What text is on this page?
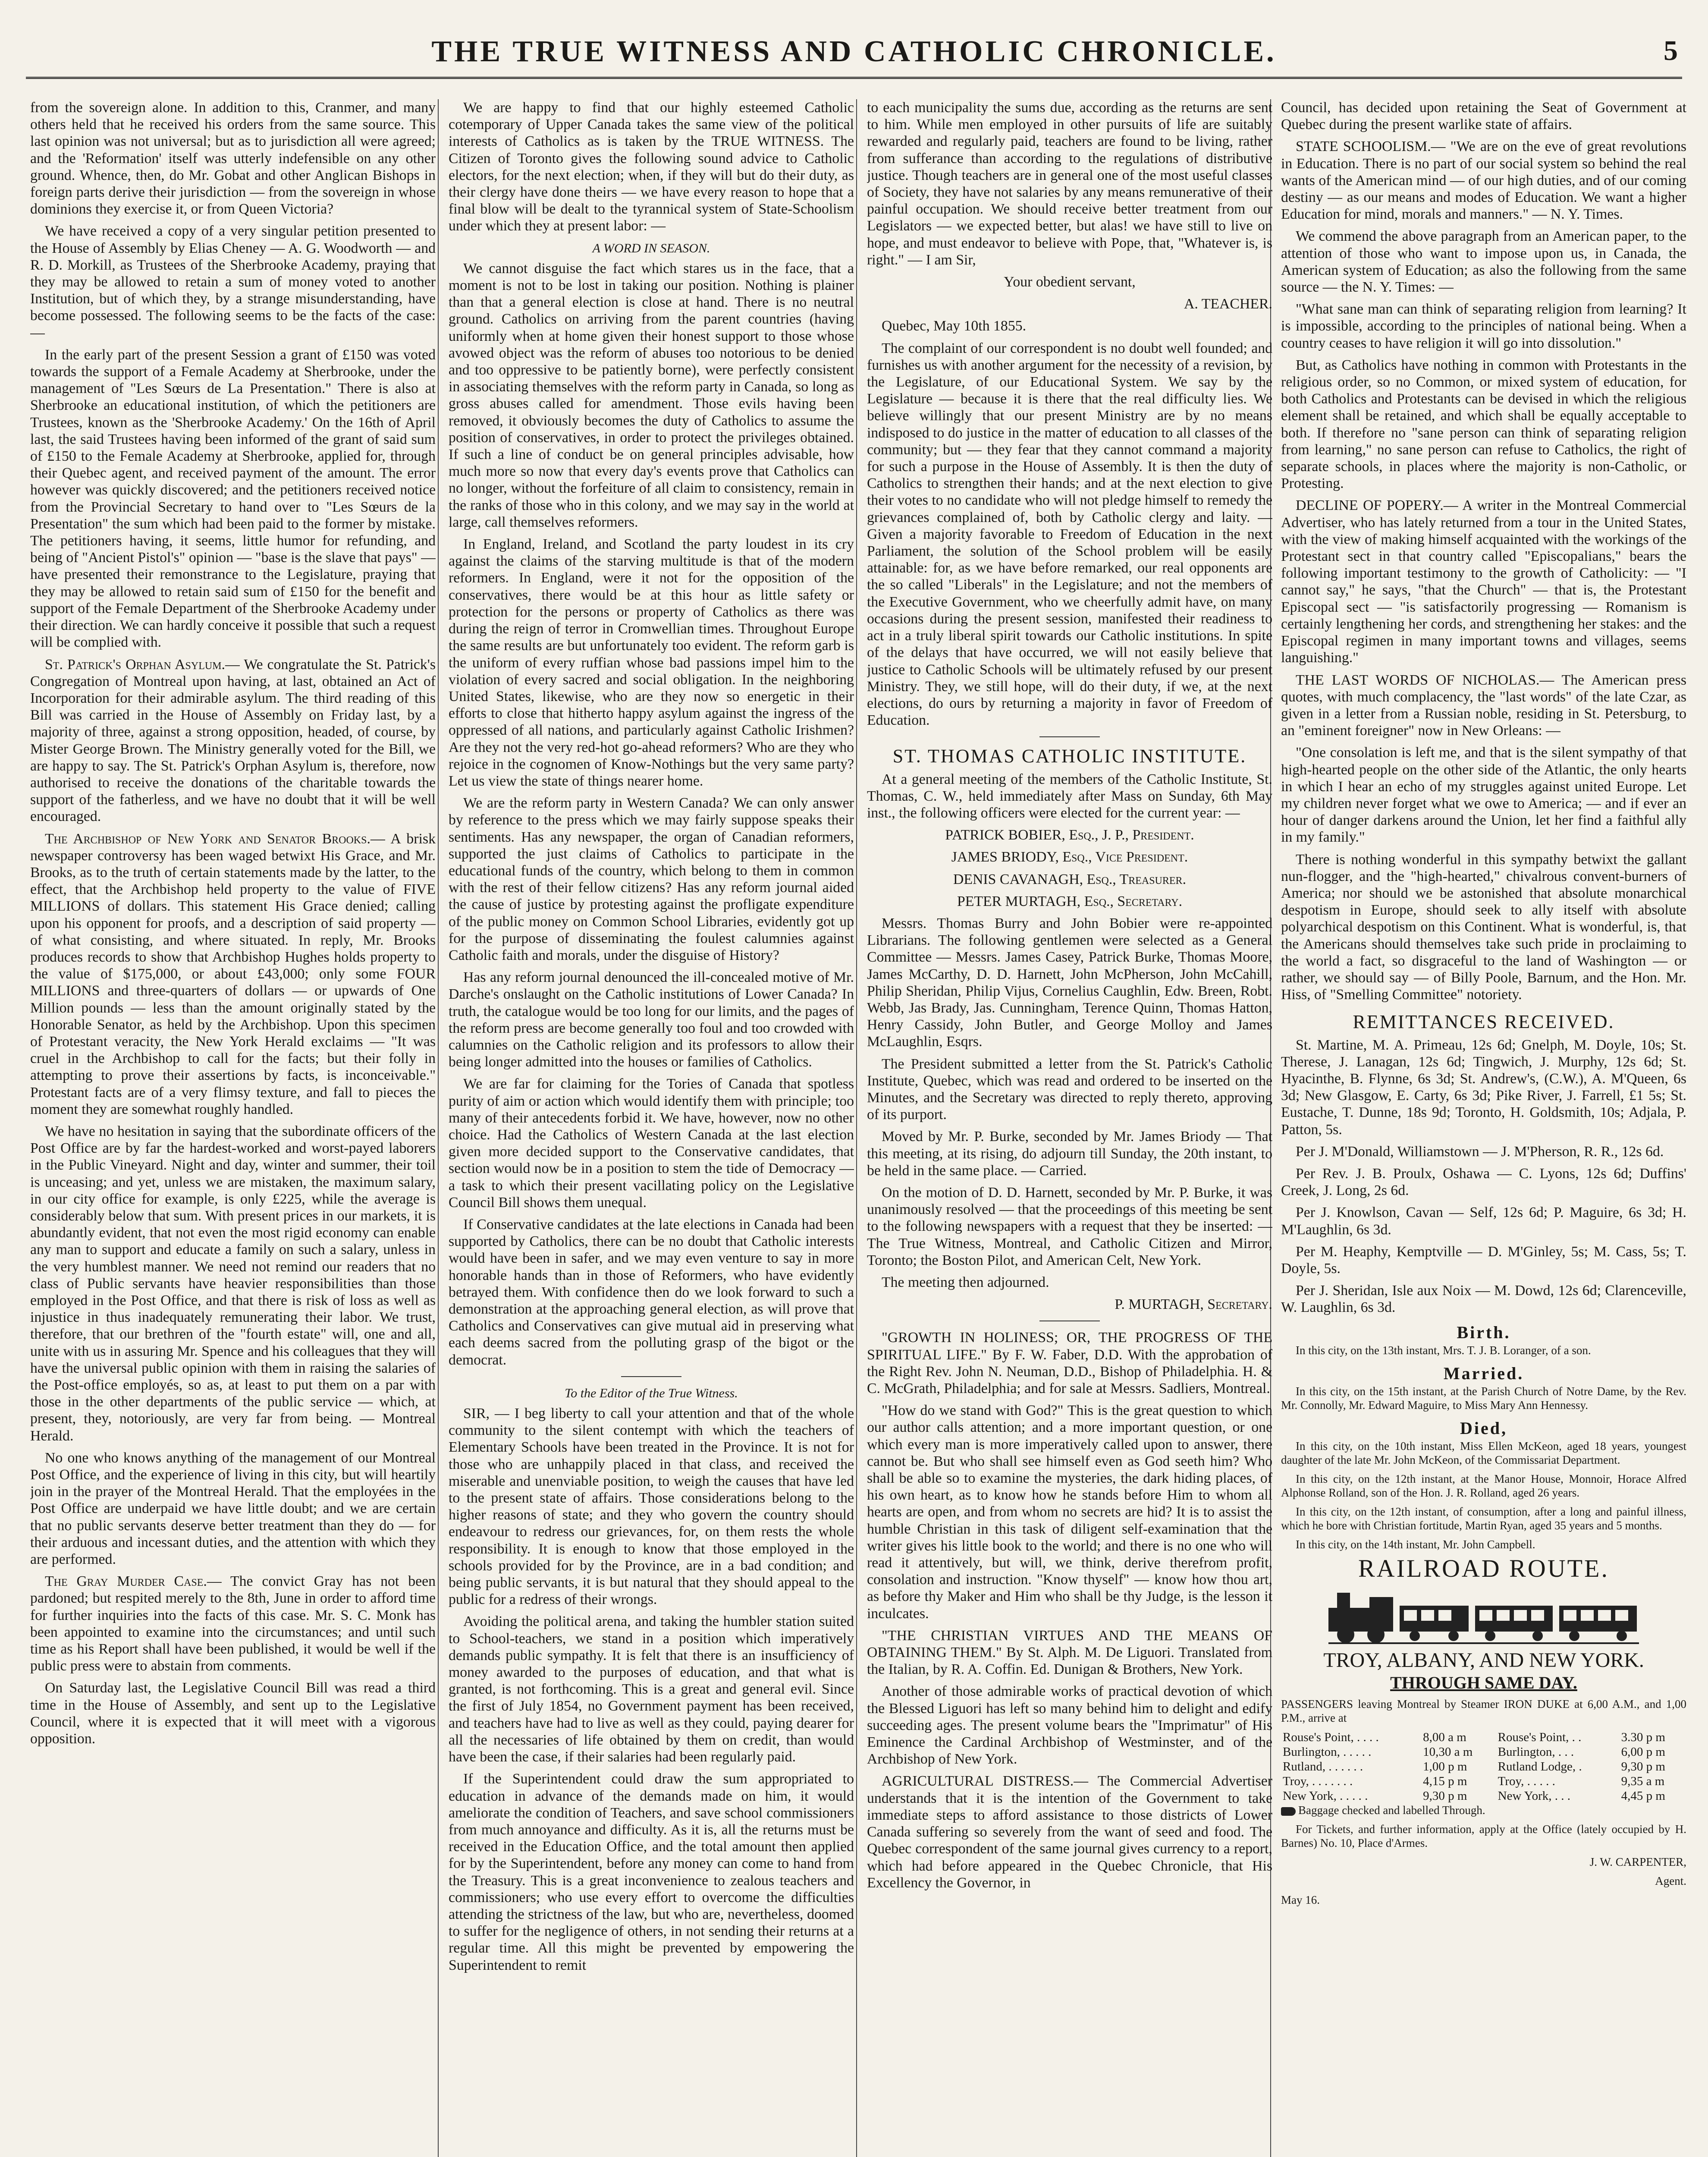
THE TRUE WITNESS AND CATHOLIC CHRONICLE.	5

from the sovereign alone. In addition to this, Cranmer, and many others held that he received his orders from the same source. This last opinion was not universal; but as to jurisdiction all were agreed; and the 'Reformation' itself was utterly indefensible on any other ground. Whence, then, do Mr. Gobat and other Anglican Bishops in foreign parts derive their jurisdiction — from the sovereign in whose dominions they exercise it, or from Queen Victoria?

We have received a copy of a very singular petition presented to the House of Assembly by Elias Cheney — A. G. Woodworth — and R. D. Morkill, as Trustees of the Sherbrooke Academy, praying that they may be allowed to retain a sum of money voted to another Institution, but of which they, by a strange misunderstanding, have become possessed. The following seems to be the facts of the case: —

In the early part of the present Session a grant of £150 was voted towards the support of a Female Academy at Sherbrooke, under the management of "Les Sœurs de La Presentation." There is also at Sherbrooke an educational institution, of which the petitioners are Trustees, known as the 'Sherbrooke Academy.' On the 16th of April last, the said Trustees having been informed of the grant of said sum of £150 to the Female Academy at Sherbrooke, applied for, through their Quebec agent, and received payment of the amount. The error however was quickly discovered; and the petitioners received notice from the Provincial Secretary to hand over to "Les Sœurs de la Presentation" the sum which had been paid to the former by mistake. The petitioners having, it seems, little humor for refunding, and being of "Ancient Pistol's" opinion — "base is the slave that pays" — have presented their remonstrance to the Legislature, praying that they may be allowed to retain said sum of £150 for the benefit and support of the Female Department of the Sherbrooke Academy under their direction. We can hardly conceive it possible that such a request will be complied with.

St. Patrick's Orphan Asylum.— We congratulate the St. Patrick's Congregation of Montreal upon having, at last, obtained an Act of Incorporation for their admirable asylum. The third reading of this Bill was carried in the House of Assembly on Friday last, by a majority of three, against a strong opposition, headed, of course, by Mister George Brown. The Ministry generally voted for the Bill, we are happy to say. The St. Patrick's Orphan Asylum is, therefore, now authorised to receive the donations of the charitable towards the support of the fatherless, and we have no doubt that it will be well encouraged.

The Archbishop of New York and Senator Brooks.— A brisk newspaper controversy has been waged betwixt His Grace, and Mr. Brooks, as to the truth of certain statements made by the latter, to the effect, that the Archbishop held property to the value of FIVE MILLIONS of dollars. This statement His Grace denied; calling upon his opponent for proofs, and a description of said property — of what consisting, and where situated. In reply, Mr. Brooks produces records to show that Archbishop Hughes holds property to the value of $175,000, or about £43,000; only some FOUR MILLIONS and three-quarters of dollars — or upwards of One Million pounds — less than the amount originally stated by the Honorable Senator, as held by the Archbishop. Upon this specimen of Protestant veracity, the New York Herald exclaims — "It was cruel in the Archbishop to call for the facts; but their folly in attempting to prove their assertions by facts, is inconceivable." Protestant facts are of a very flimsy texture, and fall to pieces the moment they are somewhat roughly handled.

We have no hesitation in saying that the subordinate officers of the Post Office are by far the hardest-worked and worst-payed laborers in the Public Vineyard. Night and day, winter and summer, their toil is unceasing; and yet, unless we are mistaken, the maximum salary, in our city office for example, is only £225, while the average is considerably below that sum. With present prices in our markets, it is abundantly evident, that not even the most rigid economy can enable any man to support and educate a family on such a salary, unless in the very humblest manner. We need not remind our readers that no class of Public servants have heavier responsibilities than those employed in the Post Office, and that there is risk of loss as well as injustice in thus inadequately remunerating their labor. We trust, therefore, that our brethren of the "fourth estate" will, one and all, unite with us in assuring Mr. Spence and his colleagues that they will have the universal public opinion with them in raising the salaries of the Post-office employés, so as, at least to put them on a par with those in the other departments of the public service — which, at present, they, notoriously, are very far from being. — Montreal Herald.

No one who knows anything of the management of our Montreal Post Office, and the experience of living in this city, but will heartily join in the prayer of the Montreal Herald. That the employées in the Post Office are underpaid we have little doubt; and we are certain that no public servants deserve better treatment than they do — for their arduous and incessant duties, and the attention with which they are performed.

The Gray Murder Case.— The convict Gray has not been pardoned; but respited merely to the 8th, June in order to afford time for further inquiries into the facts of this case. Mr. S. C. Monk has been appointed to examine into the circumstances; and until such time as his Report shall have been published, it would be well if the public press were to abstain from comments.

On Saturday last, the Legislative Council Bill was read a third time in the House of Assembly, and sent up to the Legislative Council, where it is expected that it will meet with a vigorous opposition.

We are happy to find that our highly esteemed Catholic cotemporary of Upper Canada takes the same view of the political interests of Catholics as is taken by the TRUE WITNESS. The Citizen of Toronto gives the following sound advice to Catholic electors, for the next election; when, if they will but do their duty, as their clergy have done theirs — we have every reason to hope that a final blow will be dealt to the tyrannical system of State-Schoolism under which they at present labor: —

A WORD IN SEASON.

We cannot disguise the fact which stares us in the face, that a moment is not to be lost in taking our position. Nothing is plainer than that a general election is close at hand. There is no neutral ground. Catholics on arriving from the parent countries (having uniformly when at home given their honest support to those whose avowed object was the reform of abuses too notorious to be denied and too oppressive to be patiently borne), were perfectly consistent in associating themselves with the reform party in Canada, so long as gross abuses called for amendment. Those evils having been removed, it obviously becomes the duty of Catholics to assume the position of conservatives, in order to protect the privileges obtained. If such a line of conduct be on general principles advisable, how much more so now that every day's events prove that Catholics can no longer, without the forfeiture of all claim to consistency, remain in the ranks of those who in this colony, and we may say in the world at large, call themselves reformers.

In England, Ireland, and Scotland the party loudest in its cry against the claims of the starving multitude is that of the modern reformers. In England, were it not for the opposition of the conservatives, there would be at this hour as little safety or protection for the persons or property of Catholics as there was during the reign of terror in Cromwellian times. Throughout Europe the same results are but unfortunately too evident. The reform garb is the uniform of every ruffian whose bad passions impel him to the violation of every sacred and social obligation. In the neighboring United States, likewise, who are they now so energetic in their efforts to close that hitherto happy asylum against the ingress of the oppressed of all nations, and particularly against Catholic Irishmen? Are they not the very red-hot go-ahead reformers? Who are they who rejoice in the cognomen of Know-Nothings but the very same party? Let us view the state of things nearer home.

We are the reform party in Western Canada? We can only answer by reference to the press which we may fairly suppose speaks their sentiments. Has any newspaper, the organ of Canadian reformers, supported the just claims of Catholics to participate in the educational funds of the country, which belong to them in common with the rest of their fellow citizens? Has any reform journal aided the cause of justice by protesting against the profligate expenditure of the public money on Common School Libraries, evidently got up for the purpose of disseminating the foulest calumnies against Catholic faith and morals, under the disguise of History?

Has any reform journal denounced the ill-concealed motive of Mr. Darche's onslaught on the Catholic institutions of Lower Canada? In truth, the catalogue would be too long for our limits, and the pages of the reform press are become generally too foul and too crowded with calumnies on the Catholic religion and its professors to allow their being longer admitted into the houses or families of Catholics.

We are far for claiming for the Tories of Canada that spotless purity of aim or action which would identify them with principle; too many of their antecedents forbid it. We have, however, now no other choice. Had the Catholics of Western Canada at the last election given more decided support to the Conservative candidates, that section would now be in a position to stem the tide of Democracy — a task to which their present vacillating policy on the Legislative Council Bill shows them unequal.

If Conservative candidates at the late elections in Canada had been supported by Catholics, there can be no doubt that Catholic interests would have been in safer, and we may even venture to say in more honorable hands than in those of Reformers, who have evidently betrayed them. With confidence then do we look forward to such a demonstration at the approaching general election, as will prove that Catholics and Conservatives can give mutual aid in preserving what each deems sacred from the polluting grasp of the bigot or the democrat.

To the Editor of the True Witness.

SIR, — I beg liberty to call your attention and that of the whole community to the silent contempt with which the teachers of Elementary Schools have been treated in the Province. It is not for those who are unhappily placed in that class, and received the miserable and unenviable position, to weigh the causes that have led to the present state of affairs. Those considerations belong to the higher reasons of state; and they who govern the country should endeavour to redress our grievances, for, on them rests the whole responsibility. It is enough to know that those employed in the schools provided for by the Province, are in a bad condition; and being public servants, it is but natural that they should appeal to the public for a redress of their wrongs.

Avoiding the political arena, and taking the humbler station suited to School-teachers, we stand in a position which imperatively demands public sympathy. It is felt that there is an insufficiency of money awarded to the purposes of education, and that what is granted, is not forthcoming. This is a great and general evil. Since the first of July 1854, no Government payment has been received, and teachers have had to live as well as they could, paying dearer for all the necessaries of life obtained by them on credit, than would have been the case, if their salaries had been regularly paid.

If the Superintendent could draw the sum appropriated to education in advance of the demands made on him, it would ameliorate the condition of Teachers, and save school commissioners from much annoyance and difficulty. As it is, all the returns must be received in the Education Office, and the total amount then applied for by the Superintendent, before any money can come to hand from the Treasury. This is a great inconvenience to zealous teachers and commissioners; who use every effort to overcome the difficulties attending the strictness of the law, but who are, nevertheless, doomed to suffer for the negligence of others, in not sending their returns at a regular time. All this might be prevented by empowering the Superintendent to remit

to each municipality the sums due, according as the returns are sent to him. While men employed in other pursuits of life are suitably rewarded and regularly paid, teachers are found to be living, rather from sufferance than according to the regulations of distributive justice. Though teachers are in general one of the most useful classes of Society, they have not salaries by any means remunerative of their painful occupation. We should receive better treatment from our Legislators — we expected better, but alas! we have still to live on hope, and must endeavor to believe with Pope, that, "Whatever is, is right." — I am Sir,

Your obedient servant,

A. TEACHER.

Quebec, May 10th 1855.

The complaint of our correspondent is no doubt well founded; and furnishes us with another argument for the necessity of a revision, by the Legislature, of our Educational System. We say by the Legislature — because it is there that the real difficulty lies. We believe willingly that our present Ministry are by no means indisposed to do justice in the matter of education to all classes of the community; but — they fear that they cannot command a majority for such a purpose in the House of Assembly. It is then the duty of Catholics to strengthen their hands; and at the next election to give their votes to no candidate who will not pledge himself to remedy the grievances complained of, both by Catholic clergy and laity. — Given a majority favorable to Freedom of Education in the next Parliament, the solution of the School problem will be easily attainable: for, as we have before remarked, our real opponents are the so called "Liberals" in the Legislature; and not the members of the Executive Government, who we cheerfully admit have, on many occasions during the present session, manifested their readiness to act in a truly liberal spirit towards our Catholic institutions. In spite of the delays that have occurred, we will not easily believe that justice to Catholic Schools will be ultimately refused by our present Ministry. They, we still hope, will do their duty, if we, at the next elections, do ours by returning a majority in favor of Freedom of Education.

ST. THOMAS CATHOLIC INSTITUTE.

At a general meeting of the members of the Catholic Institute, St. Thomas, C. W., held immediately after Mass on Sunday, 6th May inst., the following officers were elected for the current year: —

PATRICK BOBIER, Esq., J. P., President.

JAMES BRIODY, Esq., Vice President.

DENIS CAVANAGH, Esq., Treasurer.

PETER MURTAGH, Esq., Secretary.

Messrs. Thomas Burry and John Bobier were re-appointed Librarians. The following gentlemen were selected as a General Committee — Messrs. James Casey, Patrick Burke, Thomas Moore, James McCarthy, D. D. Harnett, John McPherson, John McCahill, Philip Sheridan, Philip Vijus, Cornelius Caughlin, Edw. Breen, Robt. Webb, Jas Brady, Jas. Cunningham, Terence Quinn, Thomas Hatton, Henry Cassidy, John Butler, and George Molloy and James McLaughlin, Esqrs.

The President submitted a letter from the St. Patrick's Catholic Institute, Quebec, which was read and ordered to be inserted on the Minutes, and the Secretary was directed to reply thereto, approving of its purport.

Moved by Mr. P. Burke, seconded by Mr. James Briody — That this meeting, at its rising, do adjourn till Sunday, the 20th instant, to be held in the same place. — Carried.

On the motion of D. D. Harnett, seconded by Mr. P. Burke, it was unanimously resolved — that the proceedings of this meeting be sent to the following newspapers with a request that they be inserted: — The True Witness, Montreal, and Catholic Citizen and Mirror, Toronto; the Boston Pilot, and American Celt, New York.

The meeting then adjourned.

P. MURTAGH, Secretary.

"GROWTH IN HOLINESS; OR, THE PROGRESS OF THE SPIRITUAL LIFE." By F. W. Faber, D.D. With the approbation of the Right Rev. John N. Neuman, D.D., Bishop of Philadelphia. H. & C. McGrath, Philadelphia; and for sale at Messrs. Sadliers, Montreal.

"How do we stand with God?" This is the great question to which our author calls attention; and a more important question, or one which every man is more imperatively called upon to answer, there cannot be. But who shall see himself even as God seeth him? Who shall be able so to examine the mysteries, the dark hiding places, of his own heart, as to know how he stands before Him to whom all hearts are open, and from whom no secrets are hid? It is to assist the humble Christian in this task of diligent self-examination that the writer gives his little book to the world; and there is no one who will read it attentively, but will, we think, derive therefrom profit, consolation and instruction. "Know thyself" — know how thou art, as before thy Maker and Him who shall be thy Judge, is the lesson it inculcates.

"THE CHRISTIAN VIRTUES AND THE MEANS OF OBTAINING THEM." By St. Alph. M. De Liguori. Translated from the Italian, by R. A. Coffin. Ed. Dunigan & Brothers, New York.

Another of those admirable works of practical devotion of which the Blessed Liguori has left so many behind him to delight and edify succeeding ages. The present volume bears the "Imprimatur" of His Eminence the Cardinal Archbishop of Westminster, and of the Archbishop of New York.

AGRICULTURAL DISTRESS.— The Commercial Advertiser understands that it is the intention of the Government to take immediate steps to afford assistance to those districts of Lower Canada suffering so severely from the want of seed and food. The Quebec correspondent of the same journal gives currency to a report, which had before appeared in the Quebec Chronicle, that His Excellency the Governor, in

Council, has decided upon retaining the Seat of Government at Quebec during the present warlike state of affairs.

STATE SCHOOLISM.— "We are on the eve of great revolutions in Education. There is no part of our social system so behind the real wants of the American mind — of our high duties, and of our coming destiny — as our means and modes of Education. We want a higher Education for mind, morals and manners." — N. Y. Times.

We commend the above paragraph from an American paper, to the attention of those who want to impose upon us, in Canada, the American system of Education; as also the following from the same source — the N. Y. Times: —

"What sane man can think of separating religion from learning? It is impossible, according to the principles of national being. When a country ceases to have religion it will go into dissolution."

But, as Catholics have nothing in common with Protestants in the religious order, so no Common, or mixed system of education, for both Catholics and Protestants can be devised in which the religious element shall be retained, and which shall be equally acceptable to both. If therefore no "sane person can think of separating religion from learning," no sane person can refuse to Catholics, the right of separate schools, in places where the majority is non-Catholic, or Protesting.

DECLINE OF POPERY.— A writer in the Montreal Commercial Advertiser, who has lately returned from a tour in the United States, with the view of making himself acquainted with the workings of the Protestant sect in that country called "Episcopalians," bears the following important testimony to the growth of Catholicity: — "I cannot say," he says, "that the Church" — that is, the Protestant Episcopal sect — "is satisfactorily progressing — Romanism is certainly lengthening her cords, and strengthening her stakes: and the Episcopal regimen in many important towns and villages, seems languishing."

THE LAST WORDS OF NICHOLAS.— The American press quotes, with much complacency, the "last words" of the late Czar, as given in a letter from a Russian noble, residing in St. Petersburg, to an "eminent foreigner" now in New Orleans: —

"One consolation is left me, and that is the silent sympathy of that high-hearted people on the other side of the Atlantic, the only hearts in which I hear an echo of my struggles against united Europe. Let my children never forget what we owe to America; — and if ever an hour of danger darkens around the Union, let her find a faithful ally in my family."

There is nothing wonderful in this sympathy betwixt the gallant nun-flogger, and the "high-hearted," chivalrous convent-burners of America; nor should we be astonished that absolute monarchical despotism in Europe, should seek to ally itself with absolute polyarchical despotism on this Continent. What is wonderful, is, that the Americans should themselves take such pride in proclaiming to the world a fact, so disgraceful to the land of Washington — or rather, we should say — of Billy Poole, Barnum, and the Hon. Mr. Hiss, of "Smelling Committee" notoriety.

REMITTANCES RECEIVED.

St. Martine, M. A. Primeau, 12s 6d; Gnelph, M. Doyle, 10s; St. Therese, J. Lanagan, 12s 6d; Tingwich, J. Murphy, 12s 6d; St. Hyacinthe, B. Flynne, 6s 3d; St. Andrew's, (C.W.), A. M'Queen, 6s 3d; New Glasgow, E. Carty, 6s 3d; Pike River, J. Farrell, £1 5s; St. Eustache, T. Dunne, 18s 9d; Toronto, H. Goldsmith, 10s; Adjala, P. Patton, 5s.

Per J. M'Donald, Williamstown — J. M'Pherson, R. R., 12s 6d.

Per Rev. J. B. Proulx, Oshawa — C. Lyons, 12s 6d; Duffins' Creek, J. Long, 2s 6d.

Per J. Knowlson, Cavan — Self, 12s 6d; P. Maguire, 6s 3d; H. M'Laughlin, 6s 3d.

Per M. Heaphy, Kemptville — D. M'Ginley, 5s; M. Cass, 5s; T. Doyle, 5s.

Per J. Sheridan, Isle aux Noix — M. Dowd, 12s 6d; Clarenceville, W. Laughlin, 6s 3d.

Birth.

In this city, on the 13th instant, Mrs. T. J. B. Loranger, of a son.

Married.

In this city, on the 15th instant, at the Parish Church of Notre Dame, by the Rev. Mr. Connolly, Mr. Edward Maguire, to Miss Mary Ann Hennessy.

Died,

In this city, on the 10th instant, Miss Ellen McKeon, aged 18 years, youngest daughter of the late Mr. John McKeon, of the Commissariat Department.

In this city, on the 12th instant, at the Manor House, Monnoir, Horace Alfred Alphonse Rolland, son of the Hon. J. R. Rolland, aged 26 years.

In this city, on the 12th instant, of consumption, after a long and painful illness, which he bore with Christian fortitude, Martin Ryan, aged 35 years and 5 months.

In this city, on the 14th instant, Mr. John Campbell.

RAILROAD ROUTE.
TROY, ALBANY, AND NEW YORK.
THROUGH SAME DAY.

PASSENGERS leaving Montreal by Steamer IRON DUKE at 6,00 A.M., and 1,00 P.M., arrive at

Rouse's Point, . . . .	8,00 a m	Rouse's Point, . .	3.30 p m
Burlington, . . . . .	10,30 a m	Burlington, . . .	6,00 p m
Rutland, . . . . . .	1,00 p m	Rutland Lodge, .	9,30 p m
Troy, . . . . . . .	4,15 p m	Troy, . . . . .	9,35 a m
New York, . . . . .	9,30 p m	New York, . . .	4,45 p m

Baggage checked and labelled Through.

For Tickets, and further information, apply at the Office (lately occupied by H. Barnes) No. 10, Place d'Armes.

J. W. CARPENTER,

Agent.

May 16.
